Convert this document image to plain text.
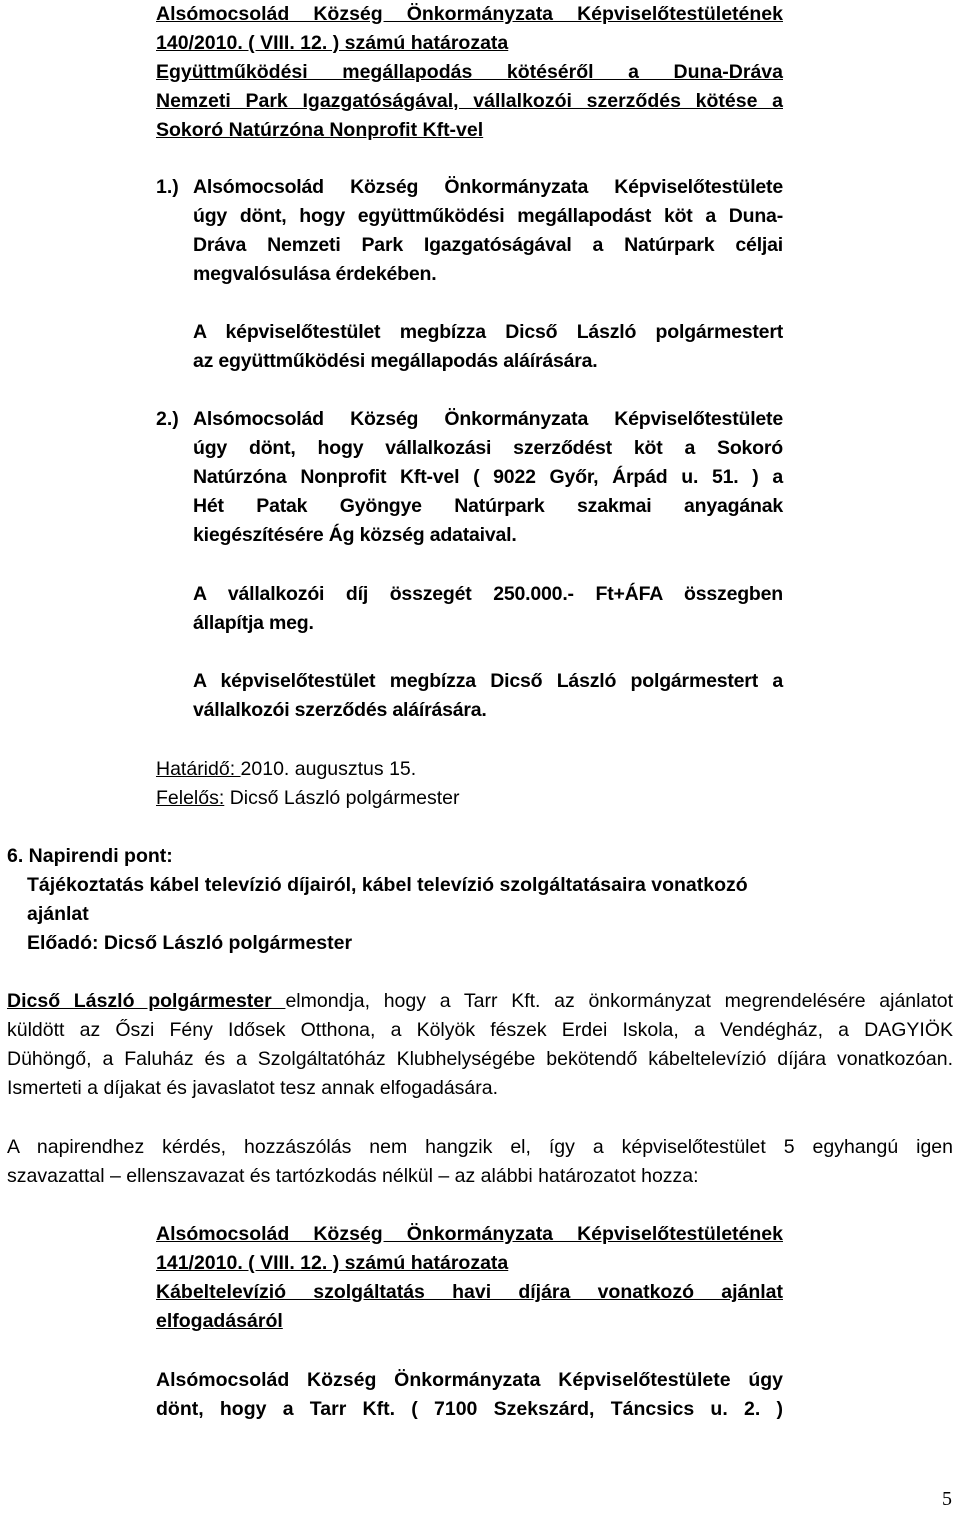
Alsómocsolád Község Önkormányzata Képviselőtestületének
140/2010. ( VIII. 12. ) számú határozata
Együttműködési megállapodás kötéséről a Duna-Dráva
Nemzeti Park Igazgatóságával, vállalkozói szerződés kötése a
Sokoró Natúrzóna Nonprofit Kft-vel
1.) Alsómocsolád Község Önkormányzata Képviselőtestülete
úgy dönt, hogy együttműködési megállapodást köt a Duna-
Dráva Nemzeti Park Igazgatóságával a Natúrpark céljai
megvalósulása érdekében.
A képviselőtestület megbízza Dicső László polgármestert
az együttműködési megállapodás aláírására.
2.) Alsómocsolád Község Önkormányzata Képviselőtestülete
úgy dönt, hogy vállalkozási szerződést köt a Sokoró
Natúrzóna Nonprofit Kft-vel ( 9022 Győr, Árpád u. 51. ) a
Hét Patak Gyöngye Natúrpark szakmai anyagának
kiegészítésére Ág község adataival.
A vállalkozói díj összegét 250.000.- Ft+ÁFA összegben
állapítja meg.
A képviselőtestület megbízza Dicső László polgármestert a
vállalkozói szerződés aláírására.
Határidő: 2010. augusztus 15.
Felelős: Dicső László polgármester
6. Napirendi pont:
Tájékoztatás kábel televízió díjairól, kábel televízió szolgáltatásaira vonatkozó
ajánlat
Előadó: Dicső László polgármester
Dicső László polgármester elmondja, hogy a Tarr Kft. az önkormányzat megrendelésére ajánlatot
küldött az Őszi Fény Idősek Otthona, a Kölyök fészek Erdei Iskola, a Vendégház, a DAGYIÖK
Dühöngő, a Faluház és a Szolgáltatóház Klubhelységébe bekötendő kábeltelevízió díjára vonatkozóan.
Ismerteti a díjakat és javaslatot tesz annak elfogadására.
A napirendhez kérdés, hozzászólás nem hangzik el, így a képviselőtestület 5 egyhangú igen
szavazattal – ellenszavazat és tartózkodás nélkül – az alábbi határozatot hozza:
Alsómocsolád Község Önkormányzata Képviselőtestületének
141/2010. ( VIII. 12. ) számú határozata
Kábeltelevízió szolgáltatás havi díjára vonatkozó ajánlat
elfogadásáról
Alsómocsolád Község Önkormányzata Képviselőtestülete úgy
dönt, hogy a Tarr Kft. ( 7100 Szekszárd, Táncsics u. 2. )
5
